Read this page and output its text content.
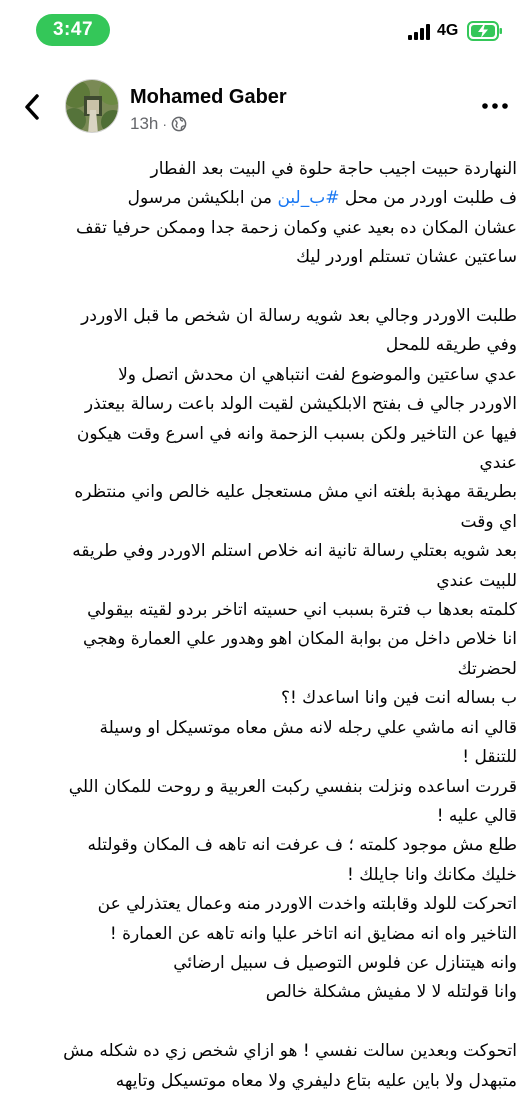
3:47	4G
Mohamed Gaber
13h ·

النهاردة حبيت اجيب حاجة حلوة في البيت بعد الفطار
ف طلبت اوردر من محل #ب_لبن من ابلكيشن مرسول
عشان المكان ده بعيد عني وكمان زحمة جدا وممكن حرفيا تقف
ساعتين عشان تستلم اوردر ليك

طلبت الاوردر وجالي بعد شويه رسالة ان شخص ما قبل الاوردر
وفي طريقه للمحل
عدي ساعتين والموضوع لفت انتباهي ان محدش اتصل ولا
الاوردر جالي ف بفتح الابلكيشن لقيت الولد باعت رسالة بيعتذر
فيها عن التاخير ولكن بسبب الزحمة وانه في اسرع وقت هيكون
عندي
بطريقة مهذبة بلغته اني مش مستعجل عليه خالص واني منتظره
اي وقت
بعد شويه بعتلي رسالة تانية انه خلاص استلم الاوردر وفي طريقه
للبيت عندي
كلمته بعدها ب فترة بسبب اني حسيته اتاخر بردو لقيته بيقولي
انا خلاص داخل من بوابة المكان اهو وهدور علي العمارة وهجي
لحضرتك
ب بساله انت فين وانا اساعدك !؟
قالي انه ماشي علي رجله لانه مش معاه موتسيكل او وسيلة
للتنقل !
قررت اساعده ونزلت بنفسي ركبت العربية و روحت للمكان اللي
قالي عليه !
طلع مش موجود كلمته ؛ ف عرفت انه تاهه ف المكان وقولتله
خليك مكانك وانا جايلك !
اتحركت للولد وقابلته واخدت الاوردر منه وعمال يعتذرلي عن
التاخير واه انه مضايق انه اتاخر عليا وانه تاهه عن العمارة !
وانه هيتنازل عن فلوس التوصيل ف سبيل ارضائي
وانا قولتله لا لا مفيش مشكلة خالص

اتحوكت وبعدين سالت نفسي ! هو ازاي شخص زي ده شكله مش
متبهدل ولا باين عليه بتاع دليفري ولا معاه موتسيكل وتايهه
